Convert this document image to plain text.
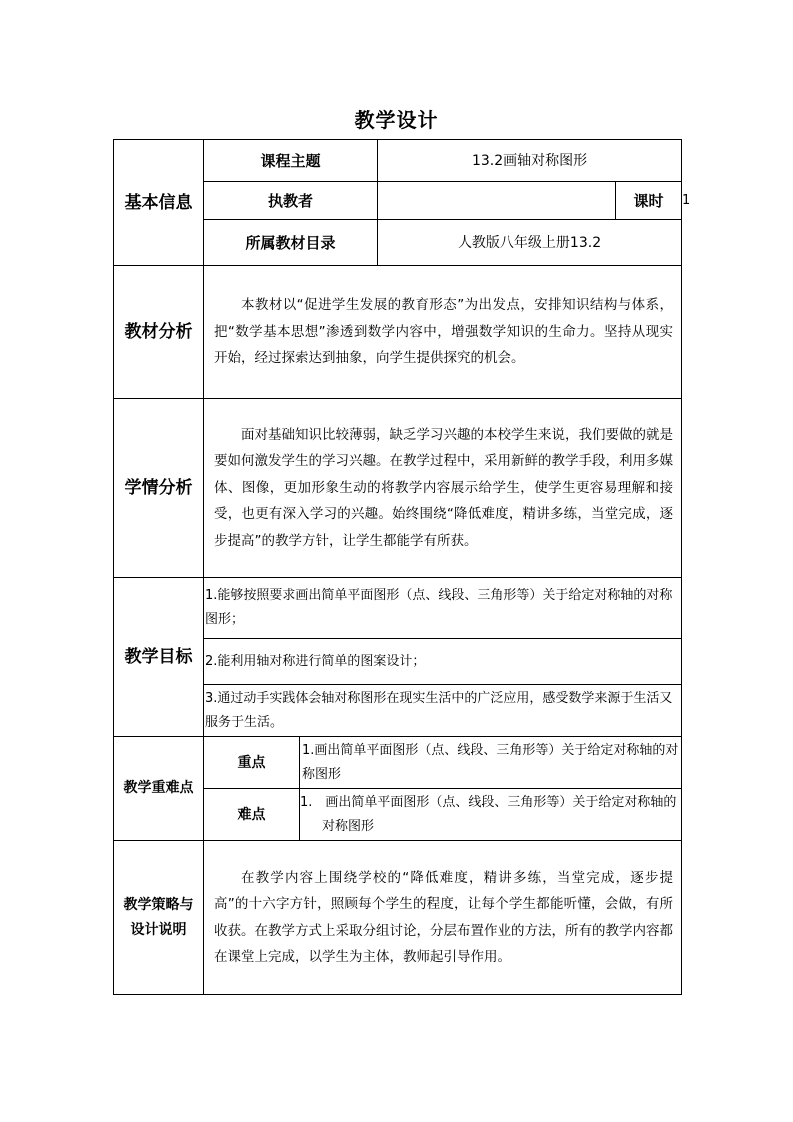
教学设计
基本信息	课程主题		13.2画轴对称图形		
	执教者			课时	1
	所属教材目录		人教版八年级上册13.2		
教材分析	本教材以“促进学生发展的教育形态”为出发点，安排知识结构与体系，把“数学基本思想”渗透到数学内容中，增强数学知识的生命力。坚持从现实开始，经过探索达到抽象，向学生提供探究的机会。				
学情分析	面对基础知识比较薄弱，缺乏学习兴趣的本校学生来说，我们要做的就是要如何激发学生的学习兴趣。在教学过程中，采用新鲜的教学手段，利用多媒体、图像，更加形象生动的将教学内容展示给学生，使学生更容易理解和接受，也更有深入学习的兴趣。始终围绕“降低难度，精讲多练，当堂完成，逐步提高”的教学方针，让学生都能学有所获。				
教学目标	1.能够按照要求画出简单平面图形（点、线段、三角形等）关于给定对称轴的对称图形；				
	2.能利用轴对称进行简单的图案设计；				
	3.通过动手实践体会轴对称图形在现实生活中的广泛应用，感受数学来源于生活又服务于生活。				
教学重难点	重点	1.画出简单平面图形（点、线段、三角形等）关于给定对称轴的对称图形			
	难点	1.　画出简单平面图形（点、线段、三角形等）关于给定对称轴的对称图形			

教学策略与
设计说明	在教学内容上围绕学校的“降低难度，精讲多练，当堂完成，逐步提高”的十六字方针，照顾每个学生的程度，让每个学生都能听懂，会做，有所收获。在教学方式上采取分组讨论，分层布置作业的方法，所有的教学内容都在课堂上完成，以学生为主体，教师起引导作用。				
